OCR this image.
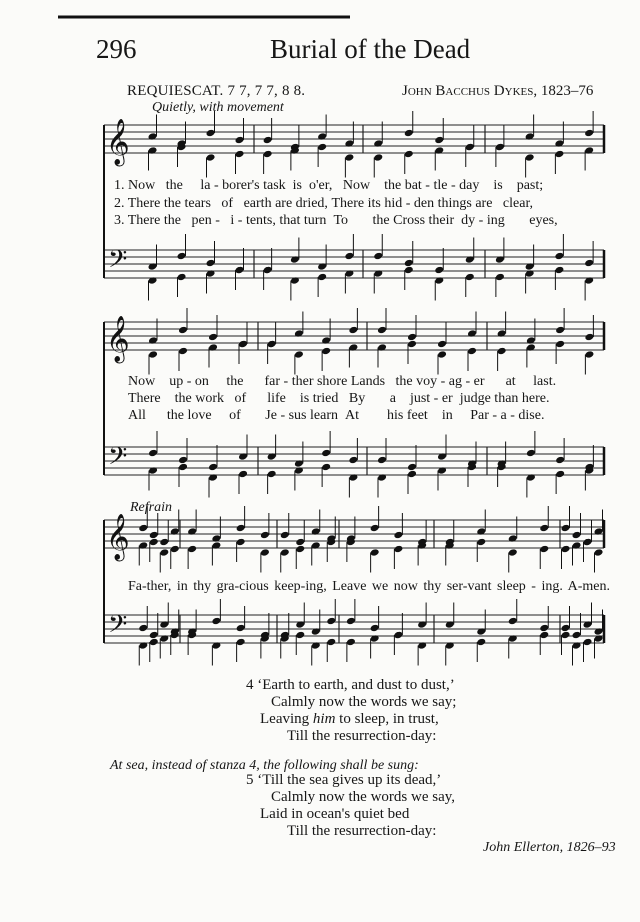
296	Burial of the Dead
REQUIESCAT. 7 7, 7 7, 8 8.	John Bacchus Dykes, 1823–76
Quietly, with movement
𝄞
𝄢
𝄞
𝄢
𝄞
𝄢
1. Now the la - borer's task is o'er, Now the bat - tle - day is past;
2. There the tears of earth are dried, There its hid - den things are clear,
3. There the pen - i - tents, that turn To the Cross their dy - ing eyes,
Now up - on the far - ther shore Lands the voy - ag - er at last.
There the work of life is tried By a just - er judge than here.
All the love of Je - sus learn At his feet in Par - a - dise.
Refrain
Fa-ther, in thy gra-cious keep-ing, Leave we now thy ser-vant sleep - ing. A-men.
4 ‘Earth to earth, and dust to dust,’
Calmly now the words we say;
Leaving him to sleep, in trust,
Till the resurrection-day:
At sea, instead of stanza 4, the following shall be sung:
5 ‘Till the sea gives up its dead,’
Calmly now the words we say,
Laid in ocean's quiet bed
Till the resurrection-day:
John Ellerton, 1826–93
